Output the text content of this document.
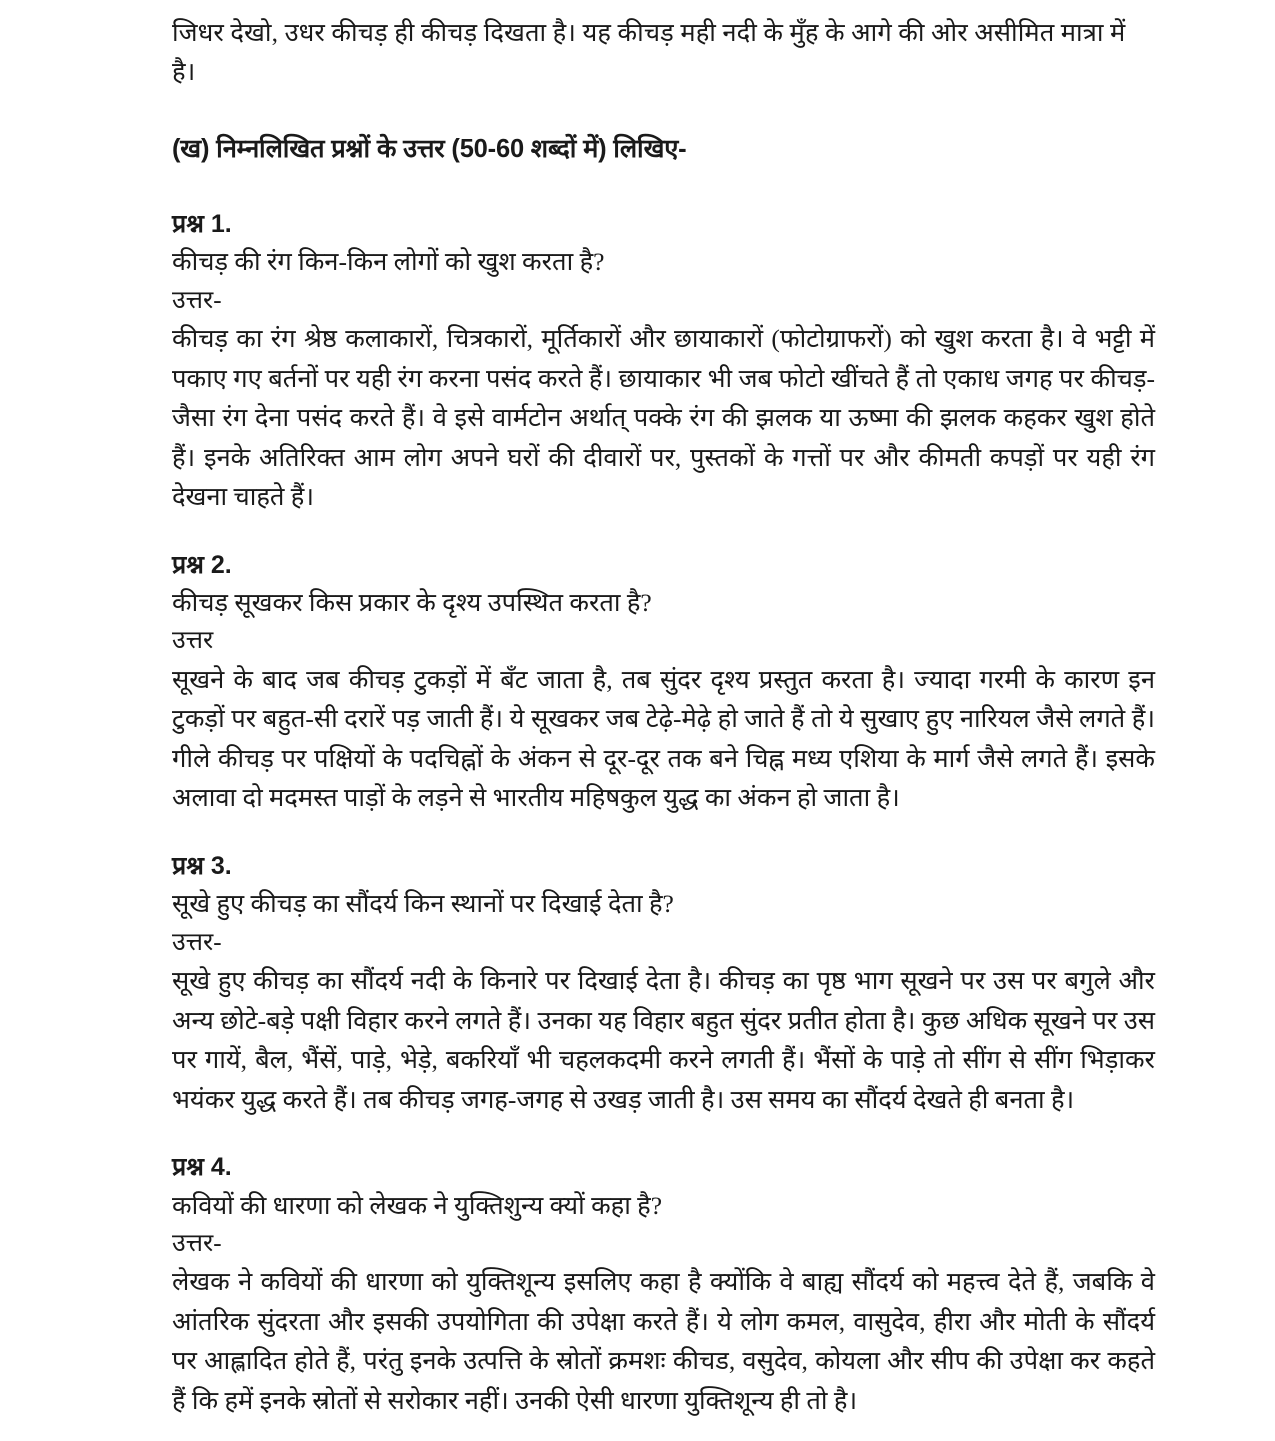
जिधर देखो, उधर कीचड़ ही कीचड़ दिखता है। यह कीचड़ मही नदी के मुँह के आगे की ओर असीमित मात्रा में है।

(ख) निम्नलिखित प्रश्नों के उत्तर (50-60 शब्दों में) लिखिए-

प्रश्न 1.

कीचड़ की रंग किन-किन लोगों को खुश करता है?

उत्तर-

कीचड़ का रंग श्रेष्ठ कलाकारों, चित्रकारों, मूर्तिकारों और छायाकारों (फोटोग्राफरों) को खुश करता है। वे भट्टी में पकाए गए बर्तनों पर यही रंग करना पसंद करते हैं। छायाकार भी जब फोटो खींचते हैं तो एकाध जगह पर कीचड़-जैसा रंग देना पसंद करते हैं। वे इसे वार्मटोन अर्थात् पक्के रंग की झलक या ऊष्मा की झलक कहकर खुश होते हैं। इनके अतिरिक्त आम लोग अपने घरों की दीवारों पर, पुस्तकों के गत्तों पर और कीमती कपड़ों पर यही रंग देखना चाहते हैं।

प्रश्न 2.

कीचड़ सूखकर किस प्रकार के दृश्य उपस्थित करता है?

उत्तर

सूखने के बाद जब कीचड़ टुकड़ों में बँट जाता है, तब सुंदर दृश्य प्रस्तुत करता है। ज्यादा गरमी के कारण इन टुकड़ों पर बहुत-सी दरारें पड़ जाती हैं। ये सूखकर जब टेढ़े-मेढ़े हो जाते हैं तो ये सुखाए हुए नारियल जैसे लगते हैं। गीले कीचड़ पर पक्षियों के पदचिह्नों के अंकन से दूर-दूर तक बने चिह्न मध्य एशिया के मार्ग जैसे लगते हैं। इसके अलावा दो मदमस्त पाड़ों के लड़ने से भारतीय महिषकुल युद्ध का अंकन हो जाता है।

प्रश्न 3.

सूखे हुए कीचड़ का सौंदर्य किन स्थानों पर दिखाई देता है?

उत्तर-

सूखे हुए कीचड़ का सौंदर्य नदी के किनारे पर दिखाई देता है। कीचड़ का पृष्ठ भाग सूखने पर उस पर बगुले और अन्य छोटे-बड़े पक्षी विहार करने लगते हैं। उनका यह विहार बहुत सुंदर प्रतीत होता है। कुछ अधिक सूखने पर उस पर गायें, बैल, भैंसें, पाड़े, भेड़े, बकरियाँ भी चहलकदमी करने लगती हैं। भैंसों के पाड़े तो सींग से सींग भिड़ाकर भयंकर युद्ध करते हैं। तब कीचड़ जगह-जगह से उखड़ जाती है। उस समय का सौंदर्य देखते ही बनता है।

प्रश्न 4.

कवियों की धारणा को लेखक ने युक्तिशुन्य क्यों कहा है?

उत्तर-

लेखक ने कवियों की धारणा को युक्तिशून्य इसलिए कहा है क्योंकि वे बाह्य सौंदर्य को महत्त्व देते हैं, जबकि वे आंतरिक सुंदरता और इसकी उपयोगिता की उपेक्षा करते हैं। ये लोग कमल, वासुदेव, हीरा और मोती के सौंदर्य पर आह्लादित होते हैं, परंतु इनके उत्पत्ति के स्रोतों क्रमशः कीचड, वसुदेव, कोयला और सीप की उपेक्षा कर कहते हैं कि हमें इनके स्रोतों से सरोकार नहीं। उनकी ऐसी धारणा युक्तिशून्य ही तो है।
